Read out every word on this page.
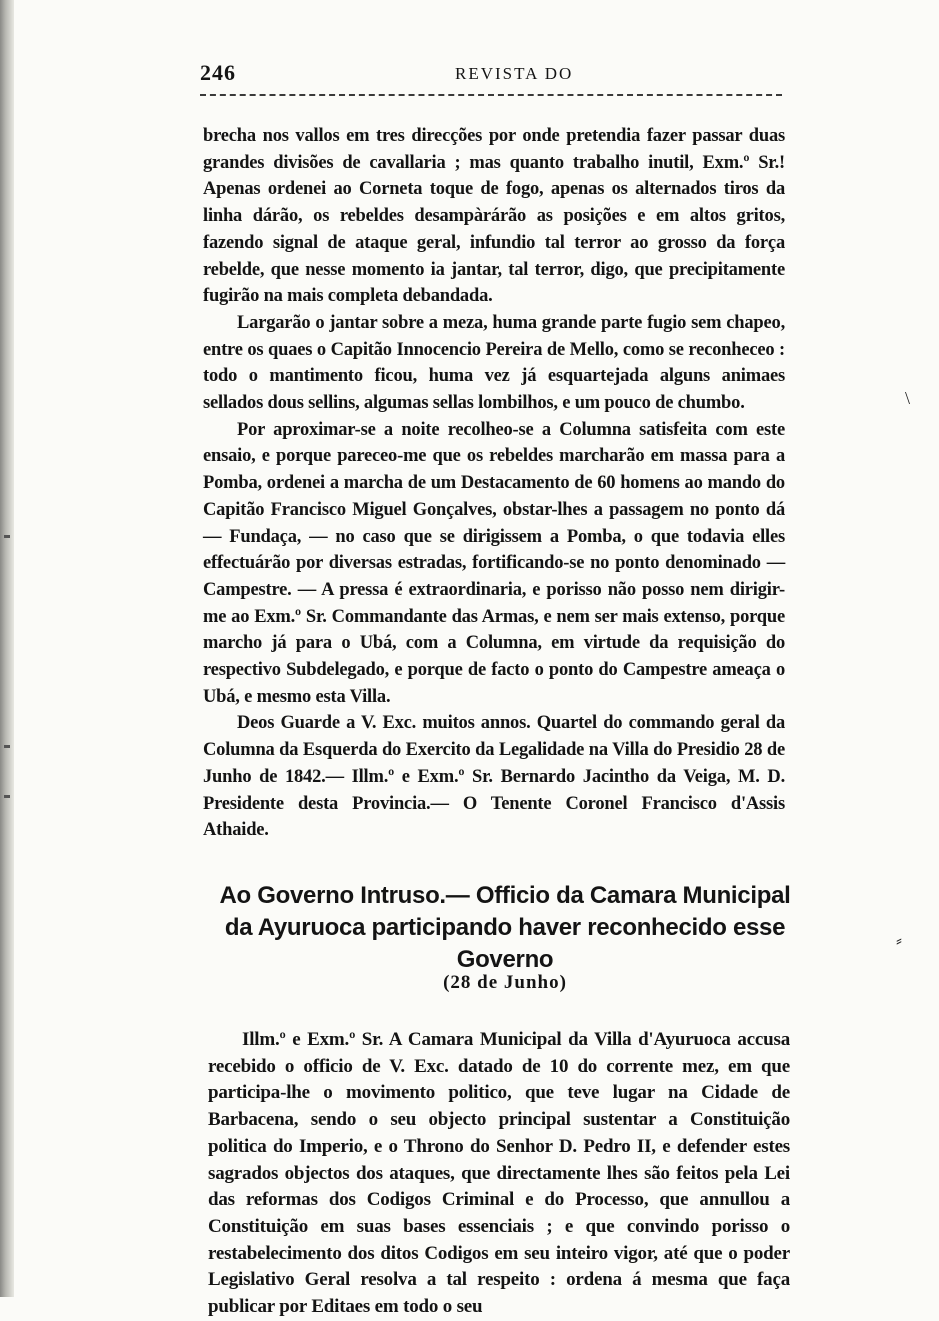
246	REVISTA DO

brecha nos vallos em tres direcções por onde pretendia fazer passar duas grandes divisões de cavallaria ; mas quanto trabalho inutil, Exm.º Sr.! Apenas ordenei ao Corneta toque de fogo, apenas os alternados tiros da linha dárão, os rebeldes desampàrárão as posições e em altos gritos, fazendo signal de ataque geral, infundio tal terror ao grosso da força rebelde, que nesse momento ia jantar, tal terror, digo, que precipitamente fugirão na mais completa debandada.

Largarão o jantar sobre a meza, huma grande parte fugio sem chapeo, entre os quaes o Capitão Innocencio Pereira de Mello, como se reconheceo : todo o mantimento ficou, huma vez já esquartejada alguns animaes sellados dous sellins, algumas sellas lombilhos, e um pouco de chumbo.

Por aproximar-se a noite recolheo-se a Columna satisfeita com este ensaio, e porque pareceo-me que os rebeldes marcharão em massa para a Pomba, ordenei a marcha de um Destacamento de 60 homens ao mando do Capitão Francisco Miguel Gonçalves, obstar-lhes a passagem no ponto dá — Fundaça, — no caso que se dirigissem a Pomba, o que todavia elles effectuárão por diversas estradas, fortificando-se no ponto denominado — Campestre. — A pressa é extraordinaria, e porisso não posso nem dirigir-me ao Exm.º Sr. Commandante das Armas, e nem ser mais extenso, porque marcho já para o Ubá, com a Columna, em virtude da requisição do respectivo Subdelegado, e porque de facto o ponto do Campestre ameaça o Ubá, e mesmo esta Villa.

Deos Guarde a V. Exc. muitos annos. Quartel do commando geral da Columna da Esquerda do Exercito da Legalidade na Villa do Presidio 28 de Junho de 1842.— Illm.º e Exm.º Sr. Bernardo Jacintho da Veiga, M. D. Presidente desta Provincia.— O Tenente Coronel Francisco d'Assis Athaide.

Ao Governo Intruso.— Officio da Camara Municipal da Ayuruoca participando haver reconhecido esse Governo
(28 de Junho)

Illm.º e Exm.º Sr. A Camara Municipal da Villa d'Ayuruoca accusa recebido o officio de V. Exc. datado de 10 do corrente mez, em que participa-lhe o movimento politico, que teve lugar na Cidade de Barbacena, sendo o seu objecto principal sustentar a Constituição politica do Imperio, e o Throno do Senhor D. Pedro II, e defender estes sagrados objectos dos ataques, que directamente lhes são feitos pela Lei das reformas dos Codigos Criminal e do Processo, que annullou a Constituição em suas bases essenciais ; e que convindo porisso o restabelecimento dos ditos Codigos em seu inteiro vigor, até que o poder Legislativo Geral resolva a tal respeito : ordena á mesma que faça publicar por Editaes em todo o seu

\
⸗
